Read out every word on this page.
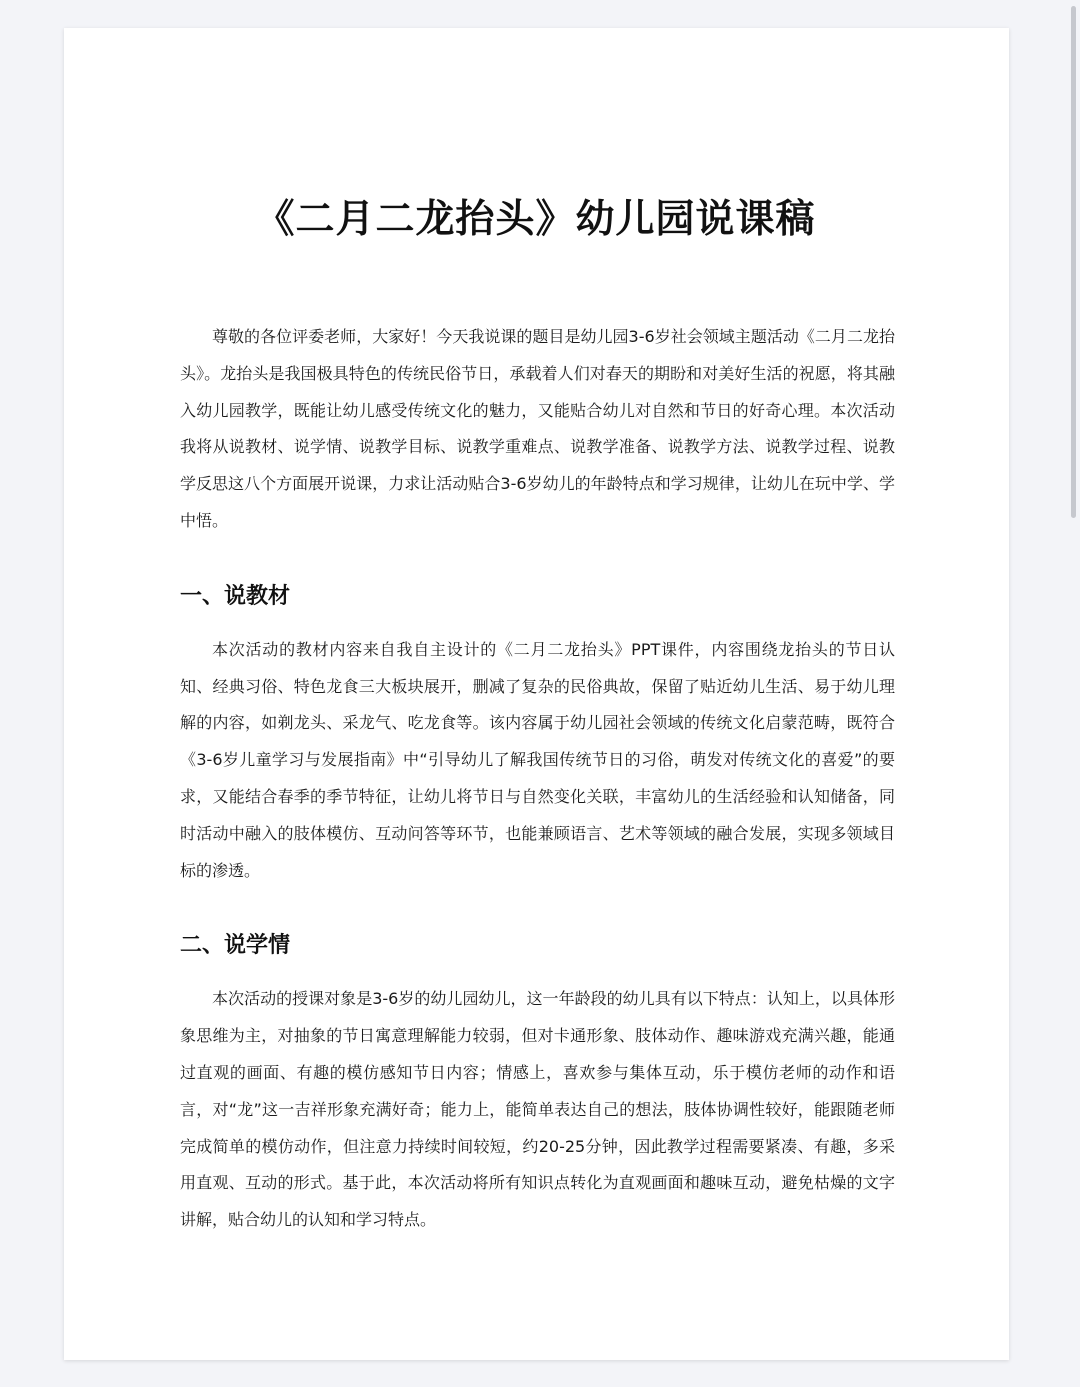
《二月二龙抬头》幼儿园说课稿

尊敬的各位评委老师，大家好！今天我说课的题目是幼儿园3-6岁社会领域主题活动《二月二龙抬头》。龙抬头是我国极具特色的传统民俗节日，承载着人们对春天的期盼和对美好生活的祝愿，将其融入幼儿园教学，既能让幼儿感受传统文化的魅力，又能贴合幼儿对自然和节日的好奇心理。本次活动我将从说教材、说学情、说教学目标、说教学重难点、说教学准备、说教学方法、说教学过程、说教学反思这八个方面展开说课，力求让活动贴合3-6岁幼儿的年龄特点和学习规律，让幼儿在玩中学、学中悟。

一、说教材

本次活动的教材内容来自我自主设计的《二月二龙抬头》PPT课件，内容围绕龙抬头的节日认知、经典习俗、特色龙食三大板块展开，删减了复杂的民俗典故，保留了贴近幼儿生活、易于幼儿理解的内容，如剃龙头、采龙气、吃龙食等。该内容属于幼儿园社会领域的传统文化启蒙范畴，既符合《3-6岁儿童学习与发展指南》中“引导幼儿了解我国传统节日的习俗，萌发对传统文化的喜爱”的要求，又能结合春季的季节特征，让幼儿将节日与自然变化关联，丰富幼儿的生活经验和认知储备，同时活动中融入的肢体模仿、互动问答等环节，也能兼顾语言、艺术等领域的融合发展，实现多领域目标的渗透。

二、说学情

本次活动的授课对象是3-6岁的幼儿园幼儿，这一年龄段的幼儿具有以下特点：认知上，以具体形象思维为主，对抽象的节日寓意理解能力较弱，但对卡通形象、肢体动作、趣味游戏充满兴趣，能通过直观的画面、有趣的模仿感知节日内容；情感上，喜欢参与集体互动，乐于模仿老师的动作和语言，对“龙”这一吉祥形象充满好奇；能力上，能简单表达自己的想法，肢体协调性较好，能跟随老师完成简单的模仿动作，但注意力持续时间较短，约20-25分钟，因此教学过程需要紧凑、有趣，多采用直观、互动的形式。基于此，本次活动将所有知识点转化为直观画面和趣味互动，避免枯燥的文字讲解，贴合幼儿的认知和学习特点。
